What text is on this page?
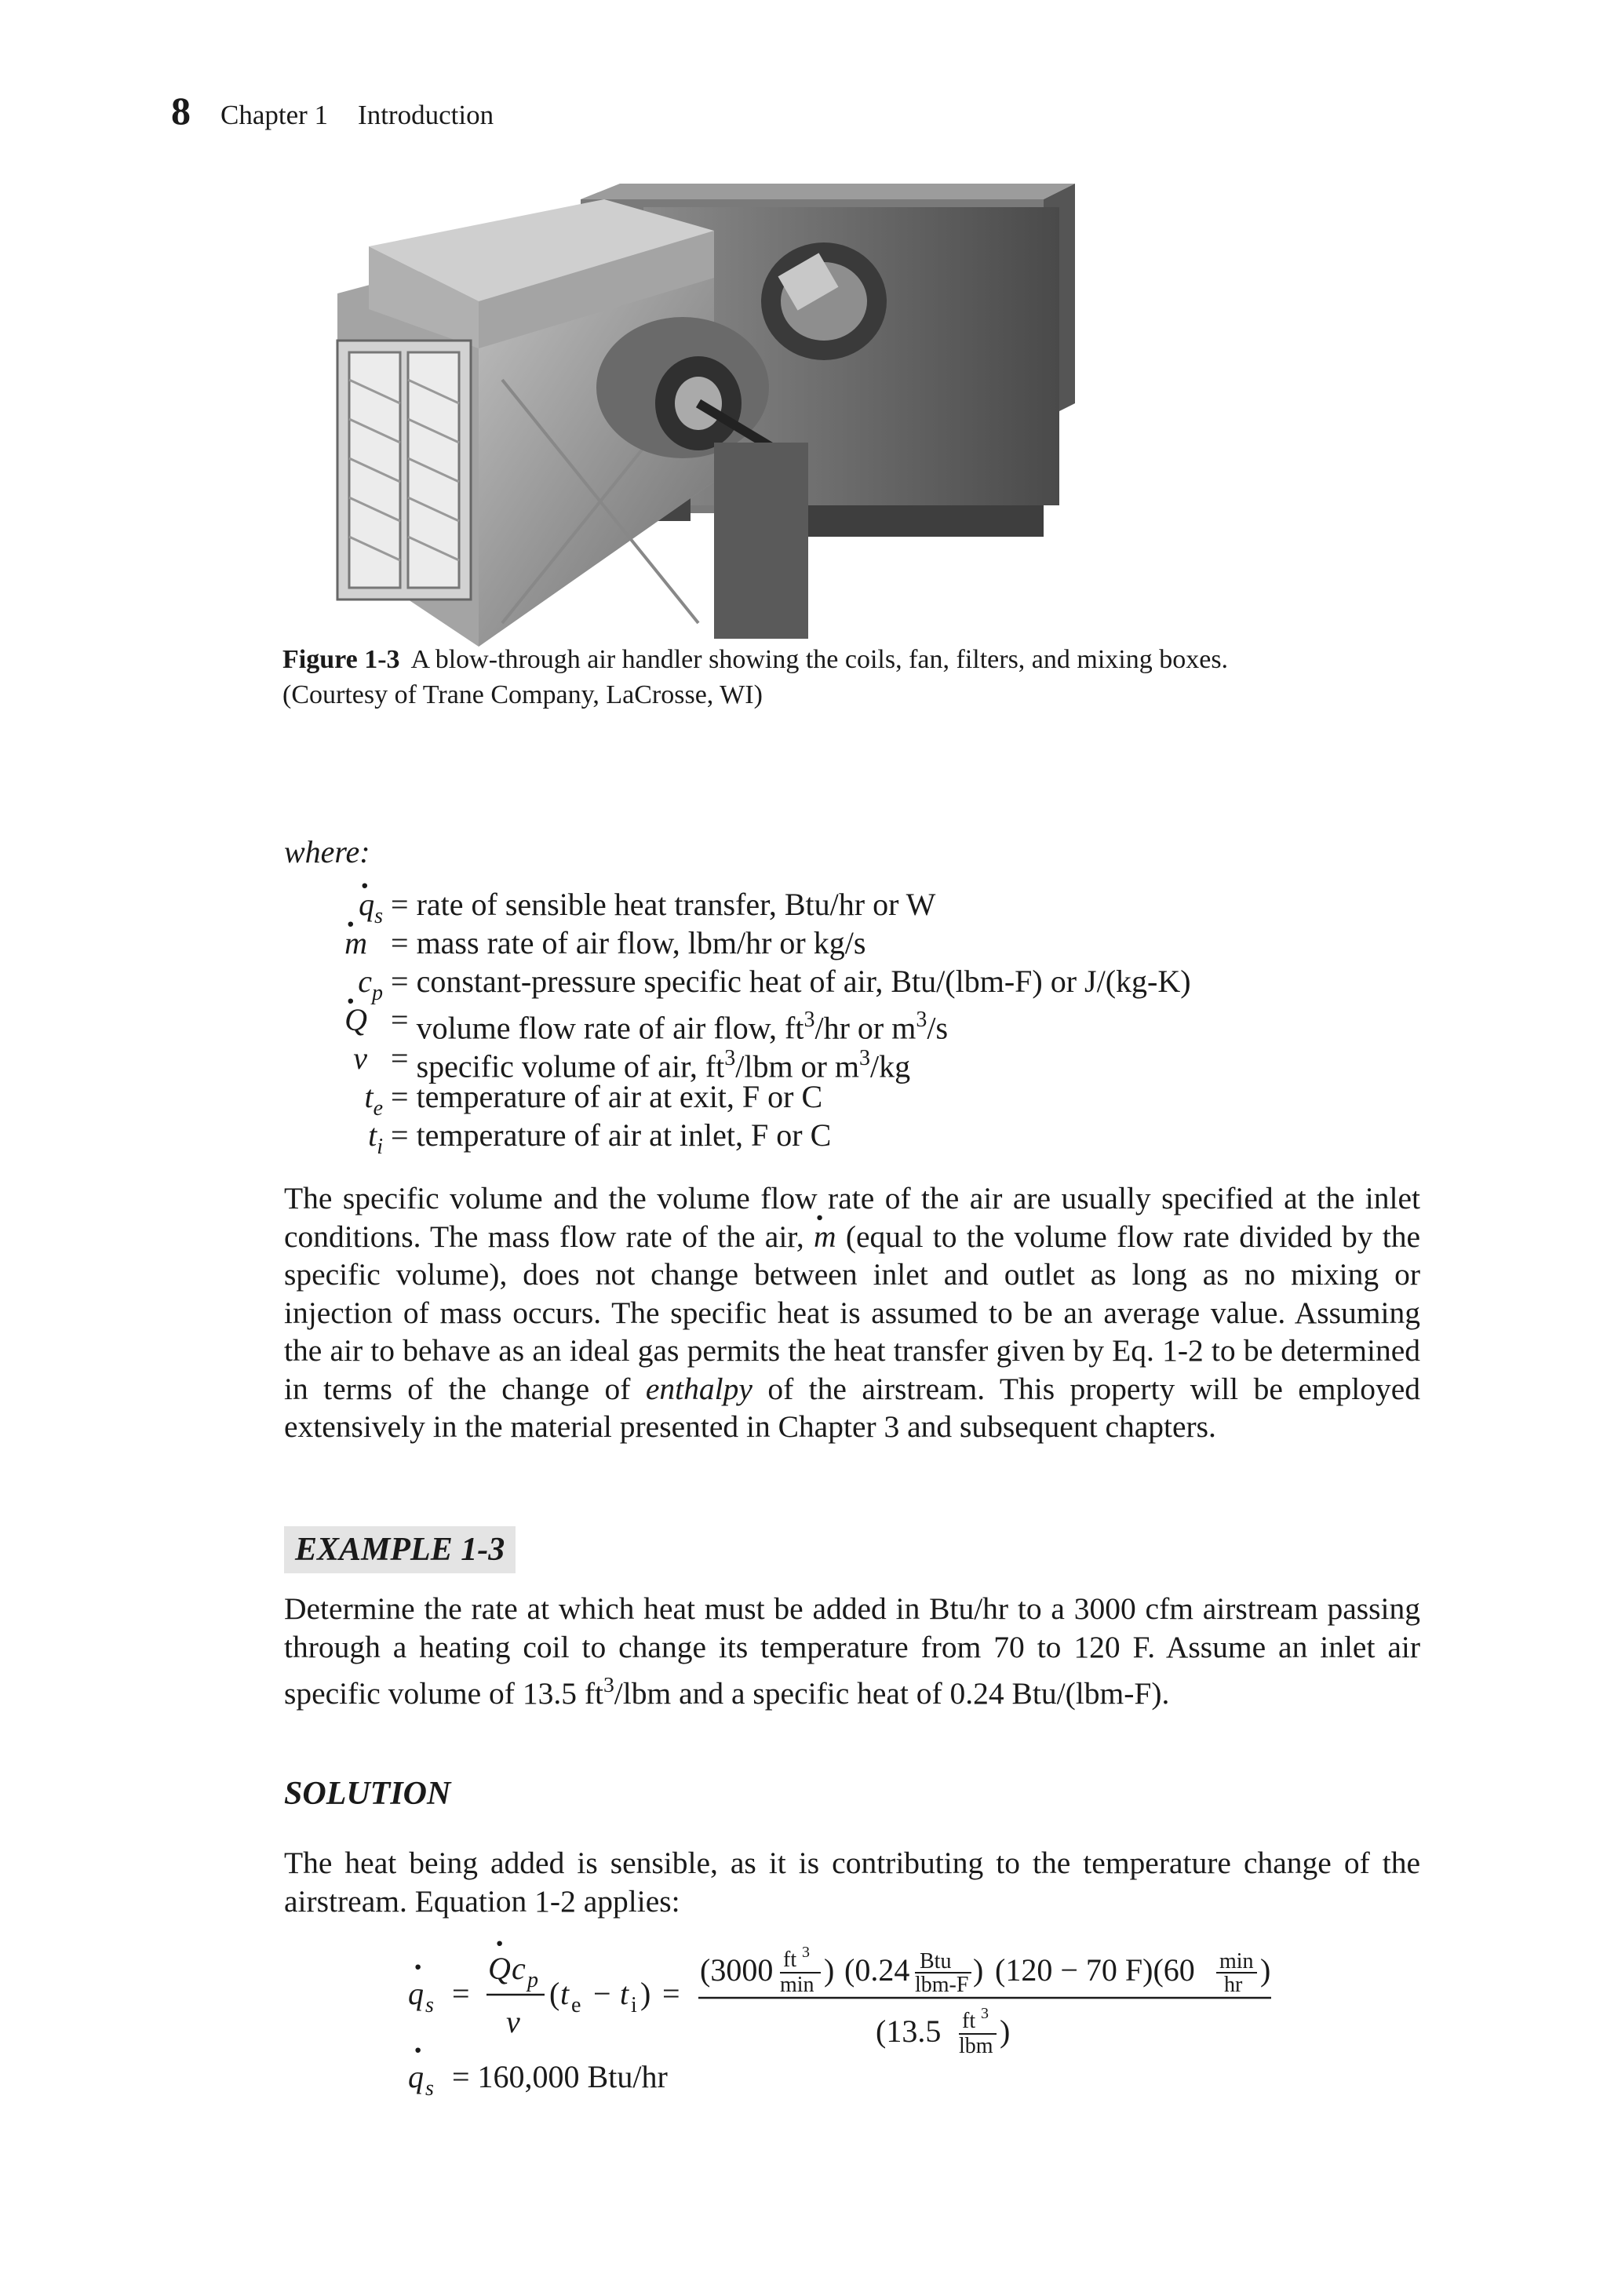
8 Chapter 1 Introduction
Figure 1-3 A blow-through air handler showing the coils, fan, filters, and mixing boxes.
(Courtesy of Trane Company, LaCrosse, WI)
where:
$q \cdot_s$ = rate of sensible heat transfer, Btu/hr or W
m · = mass rate of air flow, lbm/hr or kg/s
$c_p$ = constant-pressure specific heat of air, Btu/(lbm-F) or J/(kg-K)
Q · = volume flow rate of air flow, $ft^3/hr$ or $m^3/s$
v = specific volume of air, $ft^3$/lbm or $m^3/kg$
$t_e$ = temperature of air at exit, F or C
$t_i$ = temperature of air at inlet, F or C
The specific volume and the volume flow rate of the air are usually specified at the inlet conditions. The mass flow rate of the air, m · (equal to the volume flow rate divided by the specific volume), does not change between inlet and outlet as long as no mixing or injection of mass occurs. The specific heat is assumed to be an average value. Assuming the air to behave as an ideal gas permits the heat transfer given by Eq. 1-2 to be determined in terms of the change of enthalpy of the airstream. This property will be employed extensively in the material presented in Chapter 3 and subsequent chapters.
EXAMPLE 1-3
Determine the rate at which heat must be added in Btu/hr to a 3000 cfm airstream passing through a heating coil to change its temperature from 70 to 120 F. Assume an inlet air specific volume of 13.5 $ft^3$/lbm and a specific heat of 0.24 Btu/(lbm-F).
SOLUTION
The heat being added is sensible, as it is contributing to the temperature change of the airstream. Equation 1-2 applies:
q
·
s =
Q
·
c p
v
( t e − t i ) =
(3000 ft 3
min ) (0.24 Btu
lbm-F ) (120 − 70 F)(60 min
hr )
(13.5 ft 3
lbm )
q
·
s = 160,000 Btu/hr
